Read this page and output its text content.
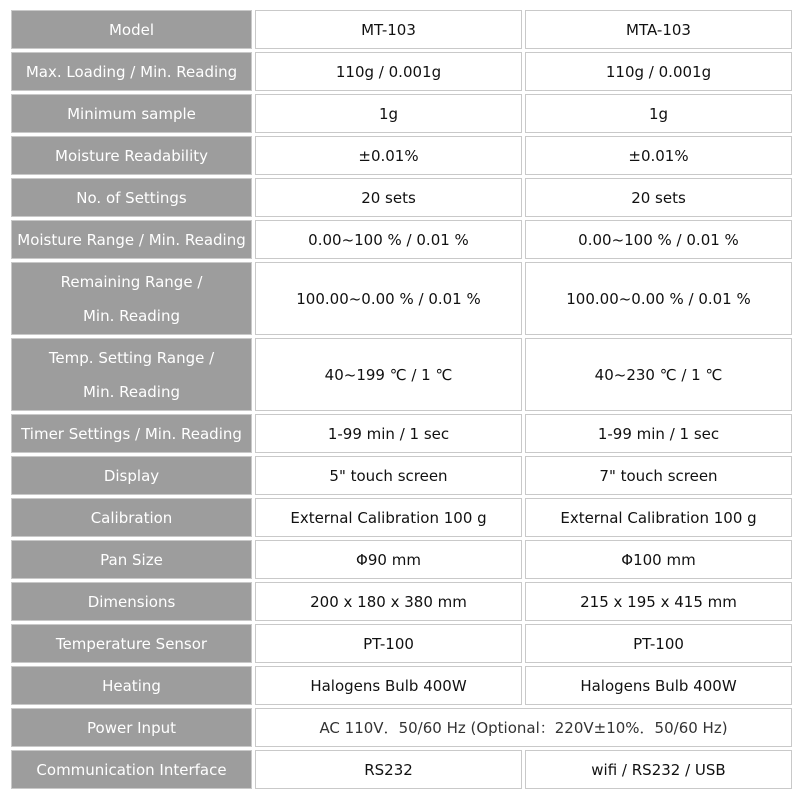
Model	MT-103	MTA-103
Max. Loading / Min. Reading	110g / 0.001g	110g / 0.001g
Minimum sample	1g	1g
Moisture Readability	±0.01%	±0.01%
No. of Settings	20 sets	20 sets
Moisture Range / Min. Reading	0.00~100 % / 0.01 %	0.00~100 % / 0.01 %

Remaining Range /
Min. Reading	100.00~0.00 % / 0.01 %	100.00~0.00 % / 0.01 %

Temp. Setting Range /
Min. Reading	40~199 ℃ / 1 ℃	40~230 ℃ / 1 ℃
Timer Settings / Min. Reading	1-99 min / 1 sec	1-99 min / 1 sec
Display	5" touch screen	7" touch screen
Calibration	External Calibration 100 g	External Calibration 100 g
Pan Size	Φ90 mm	Φ100 mm
Dimensions	200 x 180 x 380 mm	215 x 195 x 415 mm
Temperature Sensor	PT-100	PT-100
Heating	Halogens Bulb 400W	Halogens Bulb 400W
Power Input	AC 110V．50/60 Hz (Optional：220V±10%．50/60 Hz)	
Communication Interface	RS232	wifi / RS232 / USB
